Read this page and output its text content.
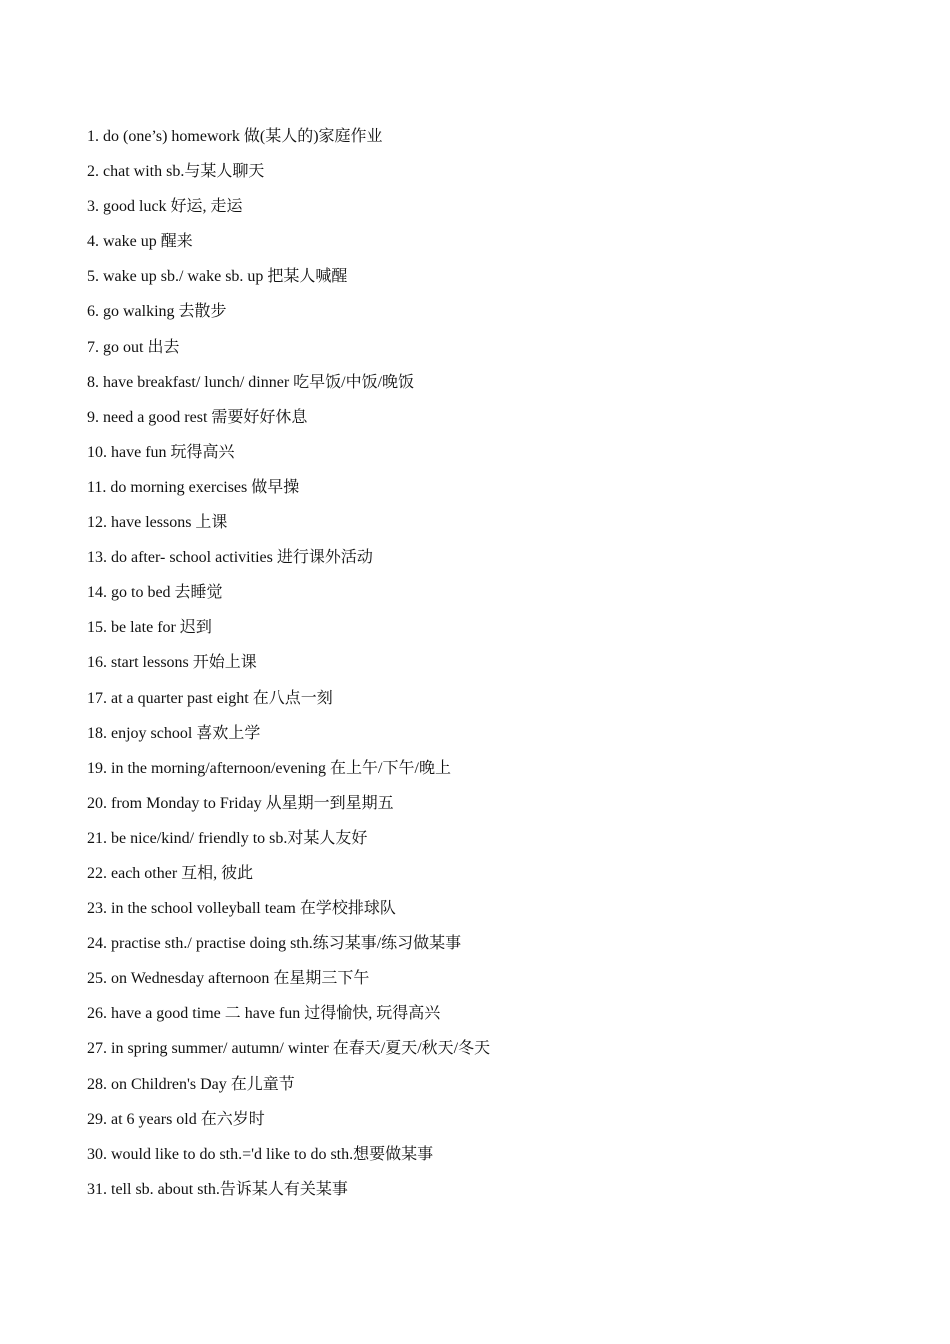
1. do (one’s) homework 做(某人的)家庭作业
2. chat with sb.与某人聊天
3. good luck 好运, 走运
4. wake up 醒来
5. wake up sb./ wake sb. up 把某人喊醒
6. go walking 去散步
7. go out 出去
8. have breakfast/ lunch/ dinner 吃早饭/中饭/晚饭
9. need a good rest 需要好好休息
10. have fun 玩得高兴
11. do morning exercises 做早操
12. have lessons 上课
13. do after- school activities 进行课外活动
14. go to bed 去睡觉
15. be late for 迟到
16. start lessons 开始上课
17. at a quarter past eight 在八点一刻
18. enjoy school 喜欢上学
19. in the morning/afternoon/evening 在上午/下午/晚上
20. from Monday to Friday 从星期一到星期五
21. be nice/kind/ friendly to sb.对某人友好
22. each other 互相, 彼此
23. in the school volleyball team 在学校排球队
24. practise sth./ practise doing sth.练习某事/练习做某事
25. on Wednesday afternoon 在星期三下午
26. have a good time 二 have fun 过得愉快, 玩得高兴
27. in spring summer/ autumn/ winter 在春天/夏天/秋天/冬天
28. on Children's Day 在儿童节
29. at 6 years old 在六岁时
30. would like to do sth.='d like to do sth.想要做某事
31. tell sb. about sth.告诉某人有关某事
